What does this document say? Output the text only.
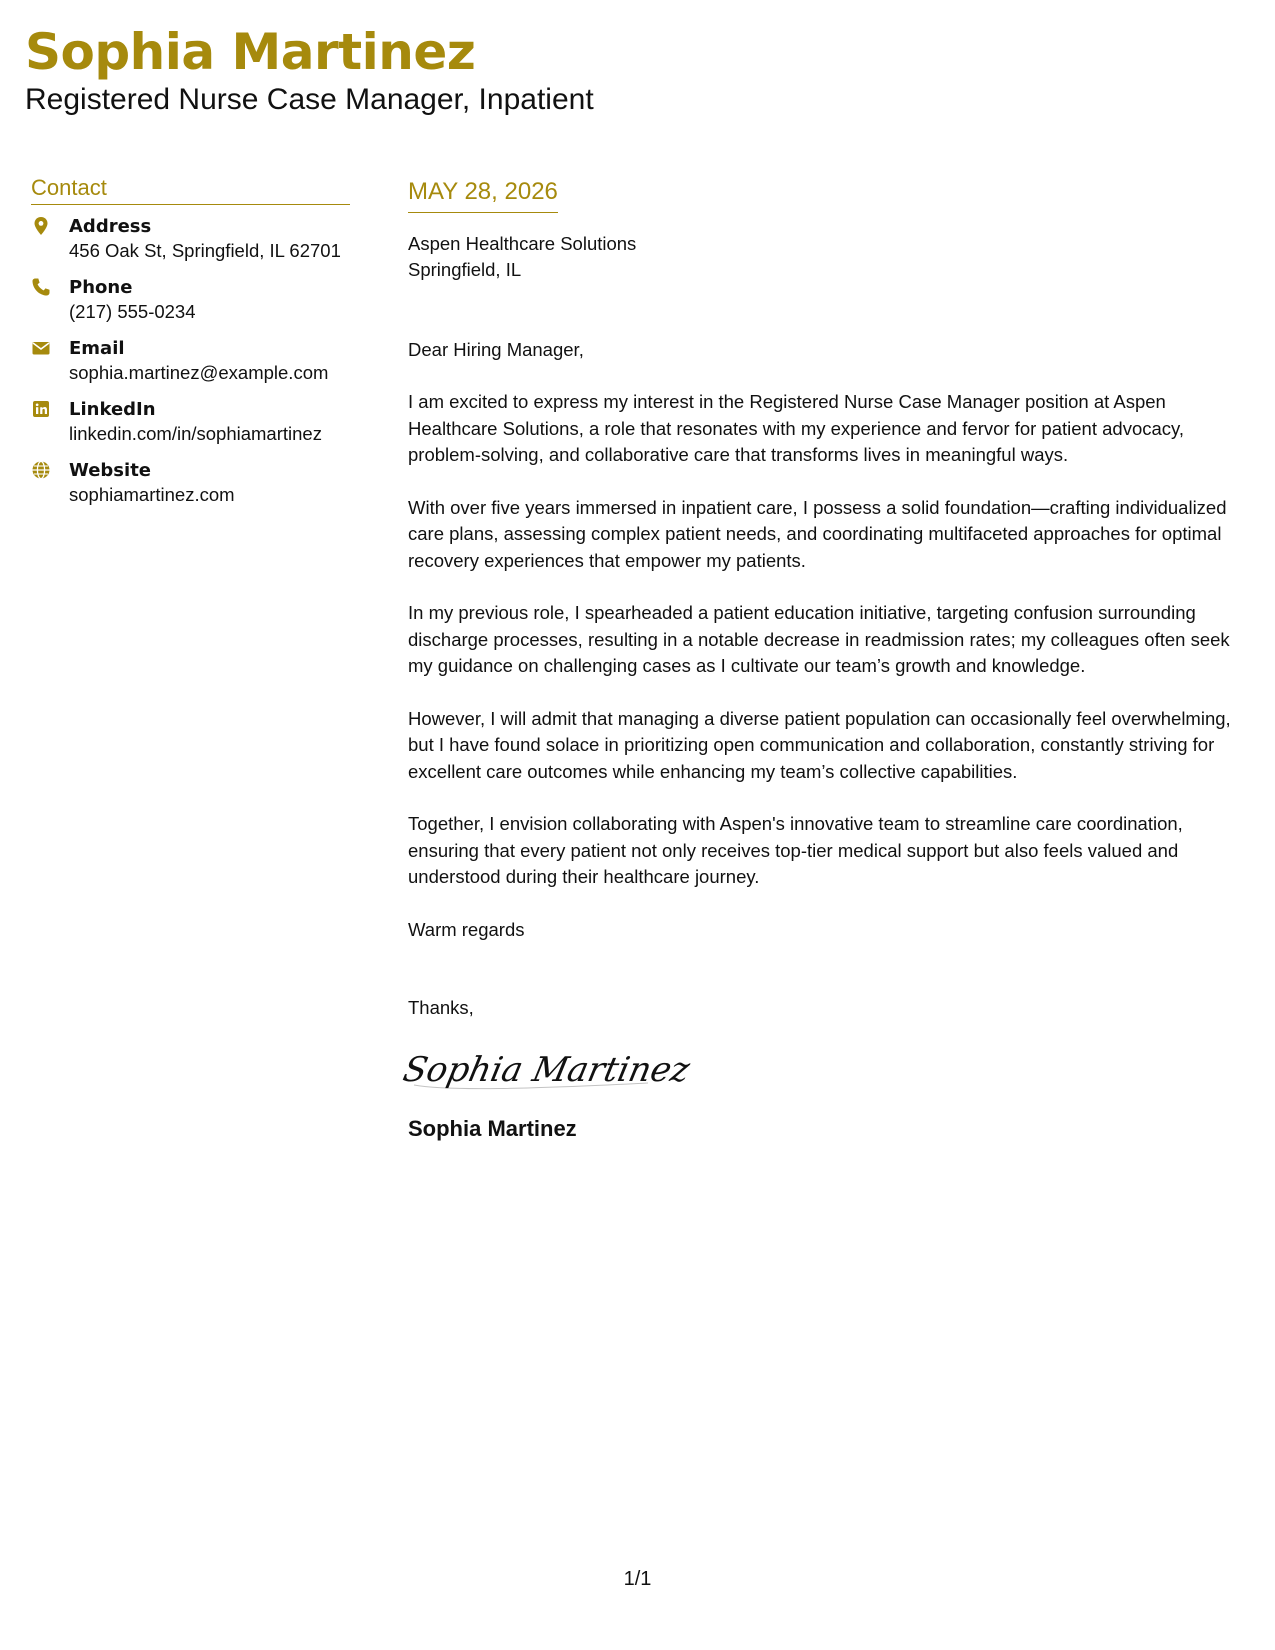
Sophia Martinez
Registered Nurse Case Manager, Inpatient
Contact
Address
456 Oak St, Springfield, IL 62701
Phone
(217) 555-0234
Email
sophia.martinez@example.com
LinkedIn
linkedin.com/in/sophiamartinez
Website
sophiamartinez.com
MAY 28, 2026
Aspen Healthcare Solutions
Springfield, IL
Dear Hiring Manager,
I am excited to express my interest in the Registered Nurse Case Manager position at Aspen Healthcare Solutions, a role that resonates with my experience and fervor for patient advocacy, problem-solving, and collaborative care that transforms lives in meaningful ways.
With over five years immersed in inpatient care, I possess a solid foundation—crafting individualized care plans, assessing complex patient needs, and coordinating multifaceted approaches for optimal recovery experiences that empower my patients.
In my previous role, I spearheaded a patient education initiative, targeting confusion surrounding discharge processes, resulting in a notable decrease in readmission rates; my colleagues often seek my guidance on challenging cases as I cultivate our team’s growth and knowledge.
However, I will admit that managing a diverse patient population can occasionally feel overwhelming, but I have found solace in prioritizing open communication and collaboration, constantly striving for excellent care outcomes while enhancing my team’s collective capabilities.
Together, I envision collaborating with Aspen's innovative team to streamline care coordination, ensuring that every patient not only receives top-tier medical support but also feels valued and understood during their healthcare journey.
Warm regards
Thanks,
Sophia Martinez
Sophia Martinez
1/1
